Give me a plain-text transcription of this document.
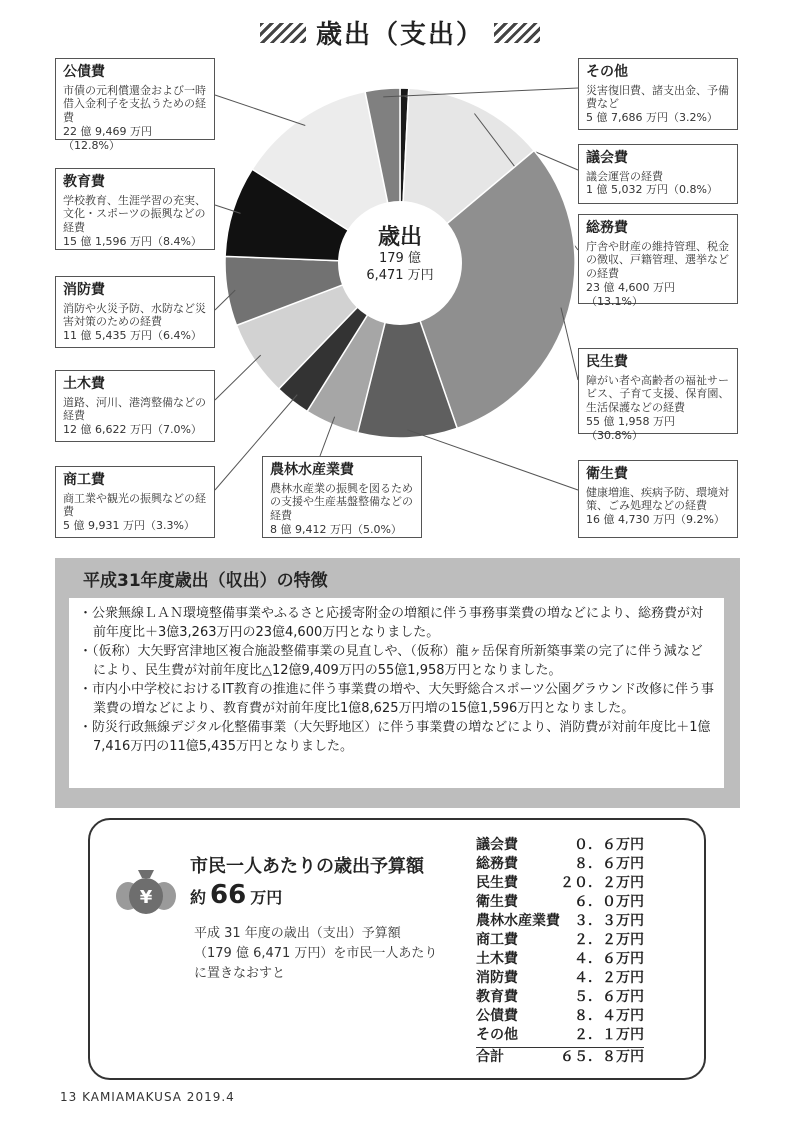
歳出（支出）
歳出
179 億
6,471 万円
公債費
市債の元利償還金および一時借入金利子を支払うための経費
22 億 9,469 万円（12.8%）
教育費
学校教育、生涯学習の充実、文化・スポーツの振興などの経費
15 億 1,596 万円（8.4%）
消防費
消防や火災予防、水防など災害対策のための経費
11 億 5,435 万円（6.4%）
土木費
道路、河川、港湾整備などの経費
12 億 6,622 万円（7.0%）
商工費
商工業や観光の振興などの経費
5 億 9,931 万円（3.3%）
農林水産業費
農林水産業の振興を図るための支援や生産基盤整備などの経費
8 億 9,412 万円（5.0%）
その他
災害復旧費、諸支出金、予備費など
5 億 7,686 万円（3.2%）
議会費
議会運営の経費
1 億 5,032 万円（0.8%）
総務費
庁舎や財産の維持管理、税金の徴収、戸籍管理、選挙などの経費
23 億 4,600 万円（13.1%）
民生費
障がい者や高齢者の福祉サービス、子育て支援、保育園、生活保護などの経費
55 億 1,958 万円（30.8%）
衛生費
健康増進、疾病予防、環境対策、ごみ処理などの経費
16 億 4,730 万円（9.2%）
平成31年度歳出（収出）の特徴
・ 公衆無線ＬＡＮ環境整備事業やふるさと応援寄附金の増額に伴う事務事業費の増などにより、総務費が対前年度比＋3億3,263万円の23億4,600万円となりました。
・ （仮称）大矢野宮津地区複合施設整備事業の見直しや、（仮称）龍ヶ岳保育所新築事業の完了に伴う減などにより、民生費が対前年度比△12億9,409万円の55億1,958万円となりました。
・ 市内小中学校におけるIT教育の推進に伴う事業費の増や、大矢野総合スポーツ公園グラウンド改修に伴う事業費の増などにより、教育費が対前年度比1億8,625万円増の15億1,596万円となりました。
・ 防災行政無線デジタル化整備事業（大矢野地区）に伴う事業費の増などにより、消防費が対前年度比＋1億7,416万円の11億5,435万円となりました。
¥
市民一人あたりの歳出予算額
約 66 万円
平成 31 年度の歳出（支出）予算額（179 億 6,471 万円）を市民一人あたりに置きなおすと
議会費	０．６万円
総務費	８．６万円
民生費	２０．２万円
衛生費	６．０万円
農林水産業費 ３．３万円
商工費	２．２万円
土木費	４．６万円
消防費	４．２万円
教育費	５．６万円
公債費	８．４万円
その他	２．１万円
合計	６５．８万円
13 KAMIAMAKUSA 2019.4
